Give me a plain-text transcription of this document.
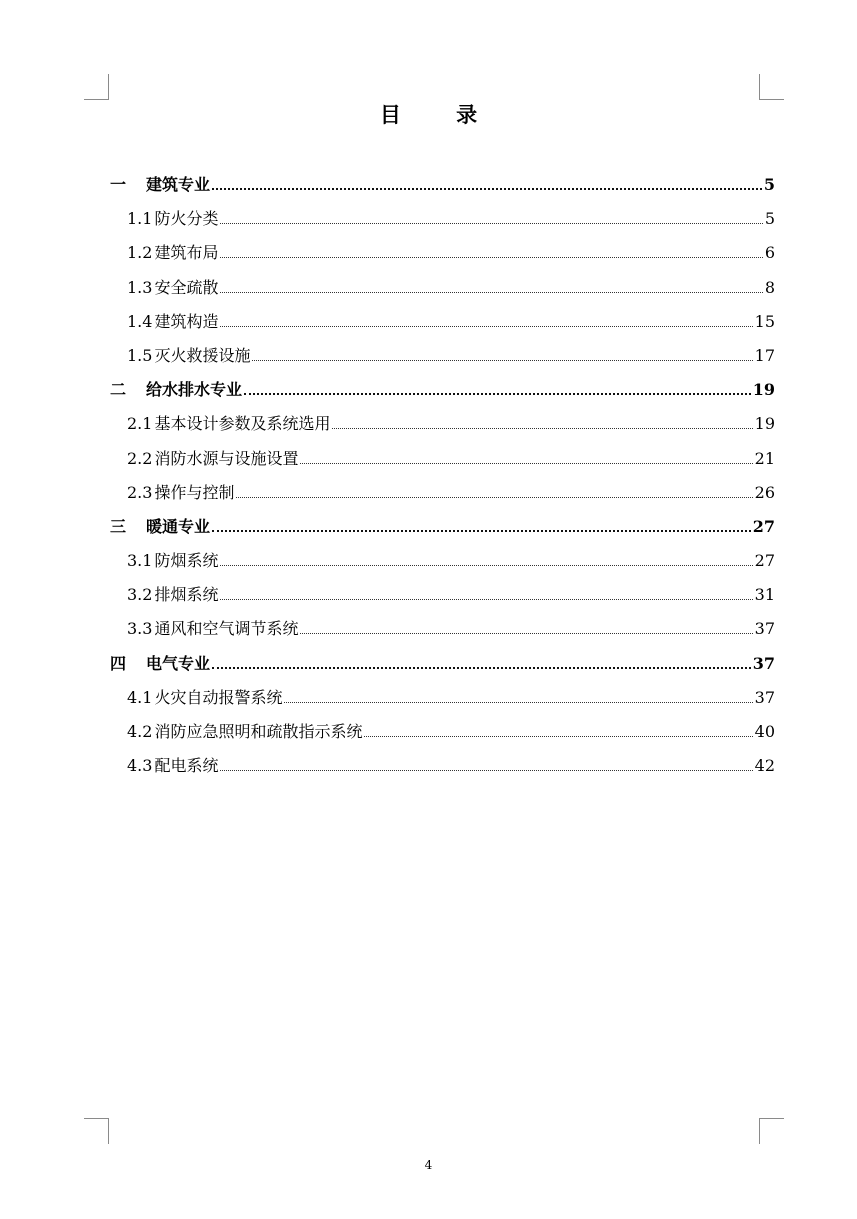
目 录
一	建筑专业	5
1.1 防火分类	5
1.2 建筑布局	6
1.3 安全疏散	8
1.4 建筑构造	15
1.5 灭火救援设施	17
二	给水排水专业	19
2.1 基本设计参数及系统选用	19
2.2 消防水源与设施设置	21
2.3 操作与控制	26
三	暖通专业	27
3.1 防烟系统	27
3.2 排烟系统	31
3.3 通风和空气调节系统	37
四	电气专业	37
4.1 火灾自动报警系统	37
4.2 消防应急照明和疏散指示系统	40
4.3 配电系统	42
4
